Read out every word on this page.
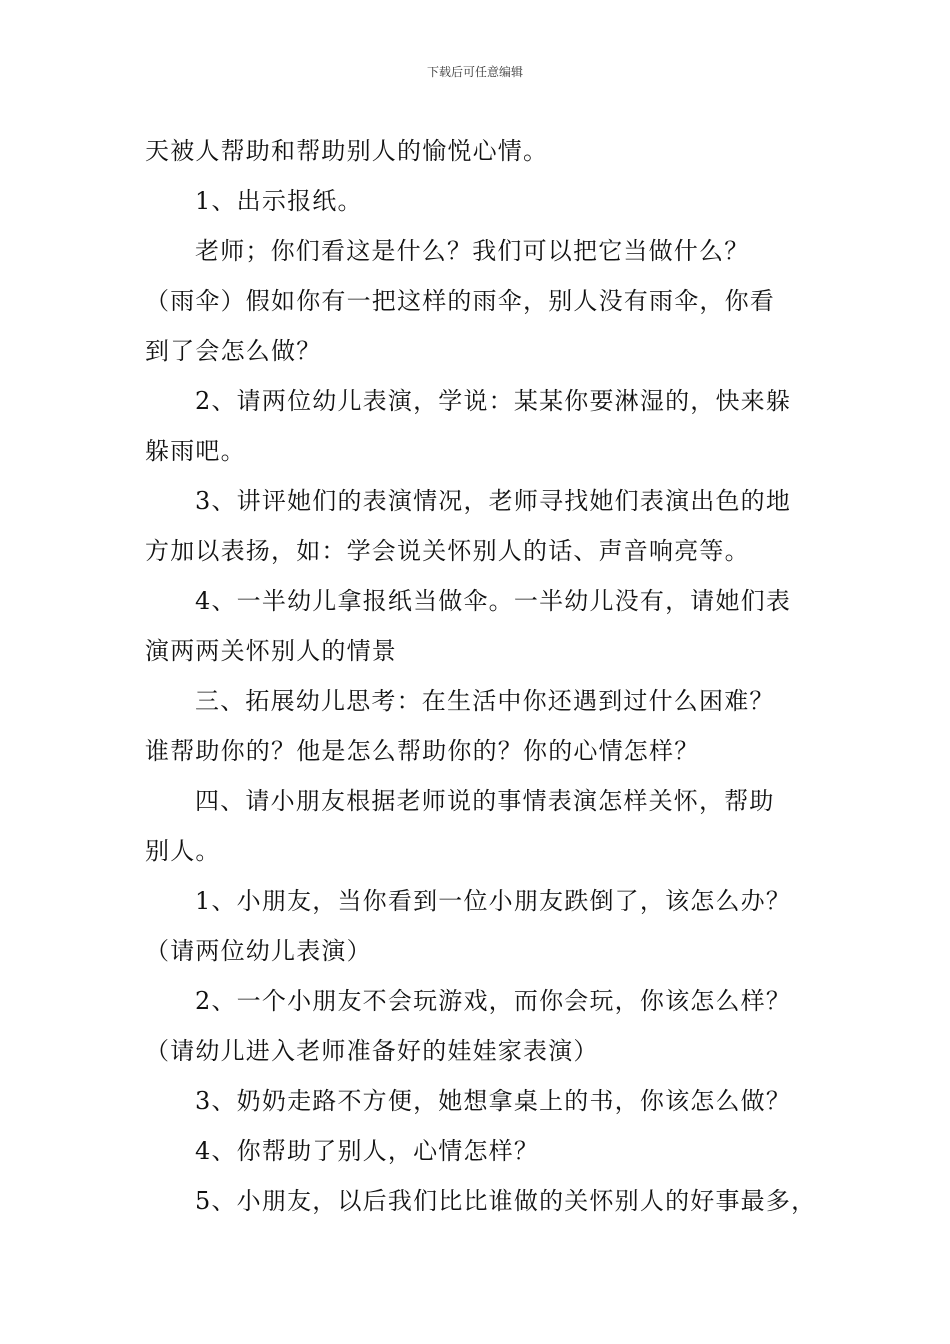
下载后可任意编辑
天被人帮助和帮助别人的愉悦心情。
1、出示报纸。
老师；你们看这是什么？我们可以把它当做什么？
（雨伞）假如你有一把这样的雨伞，别人没有雨伞，你看
到了会怎么做？
2、请两位幼儿表演，学说：某某你要淋湿的，快来躲
躲雨吧。
3、讲评她们的表演情况，老师寻找她们表演出色的地
方加以表扬，如：学会说关怀别人的话、声音响亮等。
4、一半幼儿拿报纸当做伞。一半幼儿没有，请她们表
演两两关怀别人的情景
三、拓展幼儿思考：在生活中你还遇到过什么困难？
谁帮助你的？他是怎么帮助你的？你的心情怎样？
四、请小朋友根据老师说的事情表演怎样关怀，帮助
别人。
1、小朋友，当你看到一位小朋友跌倒了，该怎么办？
（请两位幼儿表演）
2、一个小朋友不会玩游戏，而你会玩，你该怎么样？
（请幼儿进入老师准备好的娃娃家表演）
3、奶奶走路不方便，她想拿桌上的书，你该怎么做？
4、你帮助了别人，心情怎样？
5、小朋友，以后我们比比谁做的关怀别人的好事最多，
